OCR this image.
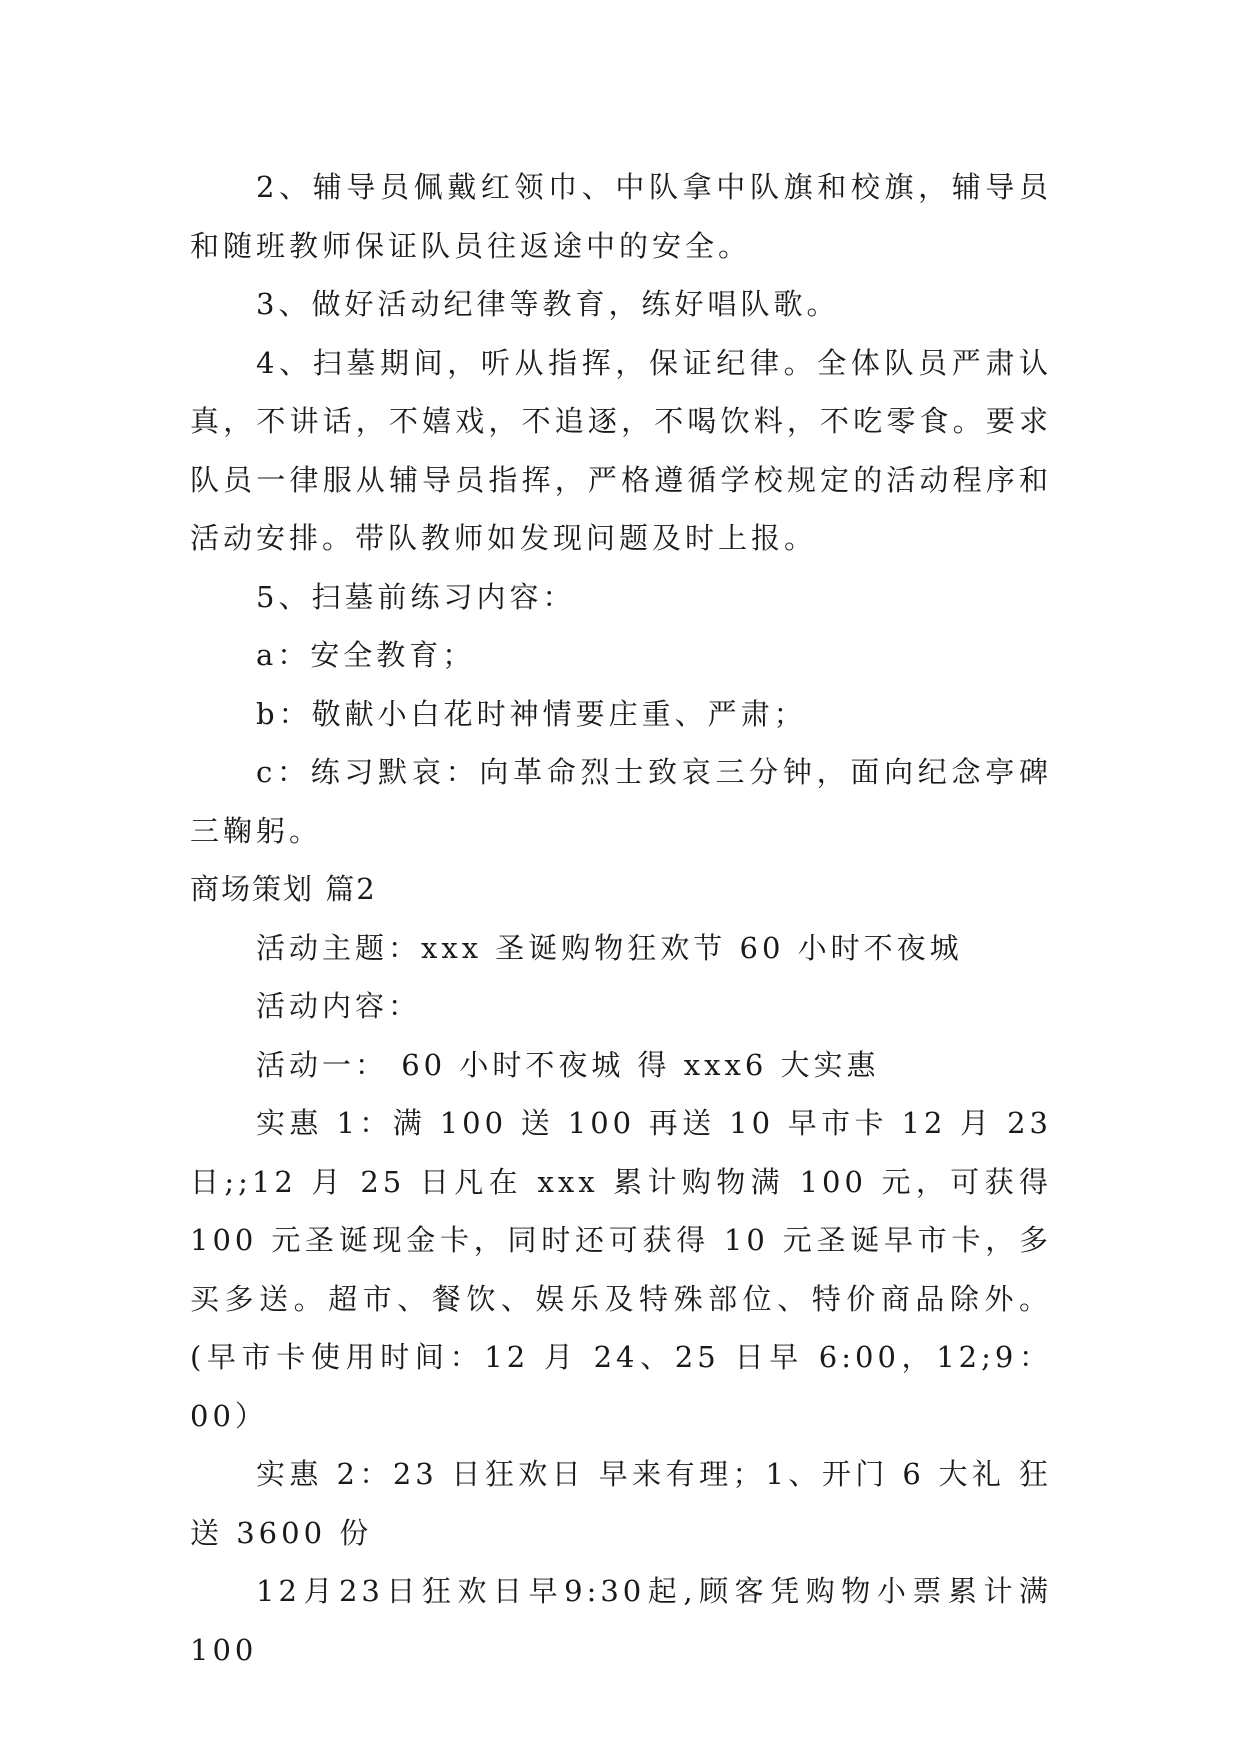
2、辅导员佩戴红领巾、中队拿中队旗和校旗，辅导员和随班教师保证队员往返途中的安全。

3、做好活动纪律等教育，练好唱队歌。

4、扫墓期间，听从指挥，保证纪律。全体队员严肃认真，不讲话，不嬉戏，不追逐，不喝饮料，不吃零食。要求队员一律服从辅导员指挥，严格遵循学校规定的活动程序和活动安排。带队教师如发现问题及时上报。

5、扫墓前练习内容：

a：安全教育；

b：敬献小白花时神情要庄重、严肃；

c：练习默哀：向革命烈士致哀三分钟，面向纪念亭碑三鞠躬。

商场策划 篇2

活动主题：xxx 圣诞购物狂欢节 60 小时不夜城

活动内容：

活动一： 60 小时不夜城 得 xxx6 大实惠

实惠 1：满 100 送 100 再送 10 早市卡 12 月 23 日;;12 月 25 日凡在 xxx 累计购物满 100 元，可获得 100 元圣诞现金卡，同时还可获得 10 元圣诞早市卡，多买多送。超市、餐饮、娱乐及特殊部位、特价商品除外。(早市卡使用时间：12 月 24、25 日早 6:00，12;9：00）

实惠 2：23 日狂欢日 早来有理；1、开门 6 大礼 狂送 3600 份

12月23日狂欢日早9:30起,顾客凭购物小票累计满100
